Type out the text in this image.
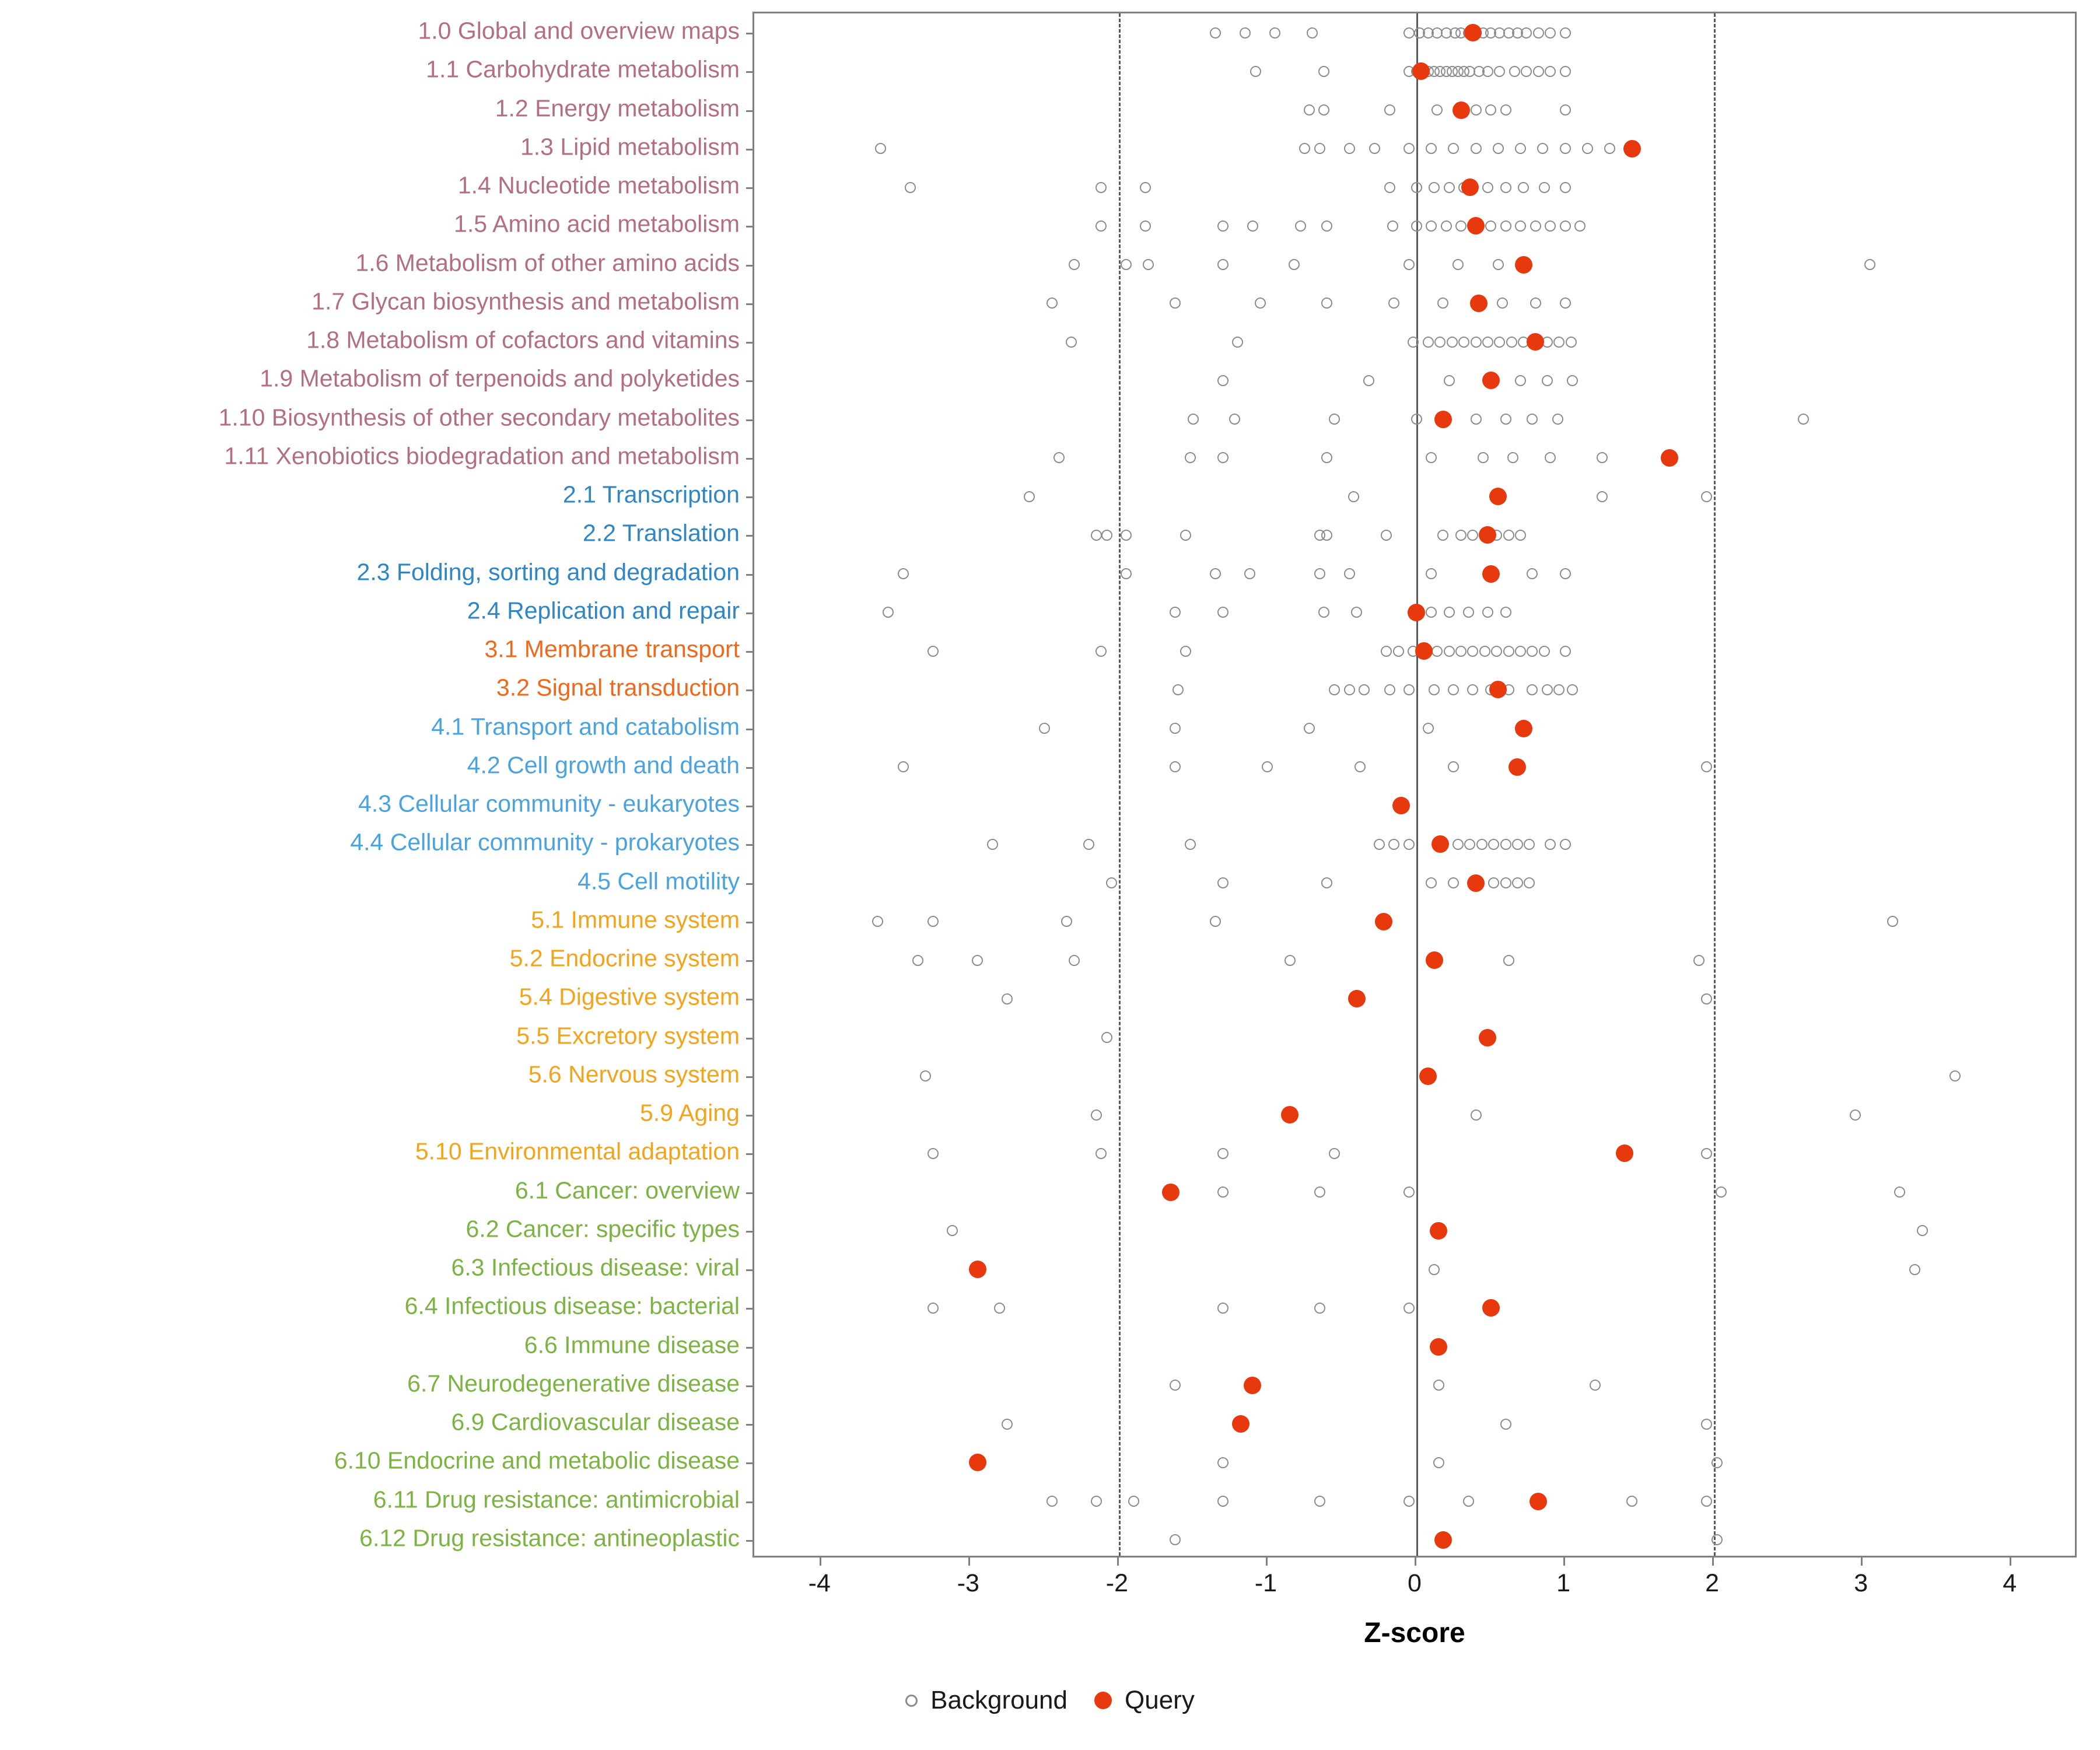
1.0 Global and overview maps
1.1 Carbohydrate metabolism
1.2 Energy metabolism
1.3 Lipid metabolism
1.4 Nucleotide metabolism
1.5 Amino acid metabolism
1.6 Metabolism of other amino acids
1.7 Glycan biosynthesis and metabolism
1.8 Metabolism of cofactors and vitamins
1.9 Metabolism of terpenoids and polyketides
1.10 Biosynthesis of other secondary metabolites
1.11 Xenobiotics biodegradation and metabolism
2.1 Transcription
2.2 Translation
2.3 Folding, sorting and degradation
2.4 Replication and repair
3.1 Membrane transport
3.2 Signal transduction
4.1 Transport and catabolism
4.2 Cell growth and death
4.3 Cellular community - eukaryotes
4.4 Cellular community - prokaryotes
4.5 Cell motility
5.1 Immune system
5.2 Endocrine system
5.4 Digestive system
5.5 Excretory system
5.6 Nervous system
5.9 Aging
5.10 Environmental adaptation
6.1 Cancer: overview
6.2 Cancer: specific types
6.3 Infectious disease: viral
6.4 Infectious disease: bacterial
6.6 Immune disease
6.7 Neurodegenerative disease
6.9 Cardiovascular disease
6.10 Endocrine and metabolic disease
6.11 Drug resistance: antimicrobial
6.12 Drug resistance: antineoplastic
-4	-3	-2	-1	0	1	2	3	4
Z-score
Background Query
